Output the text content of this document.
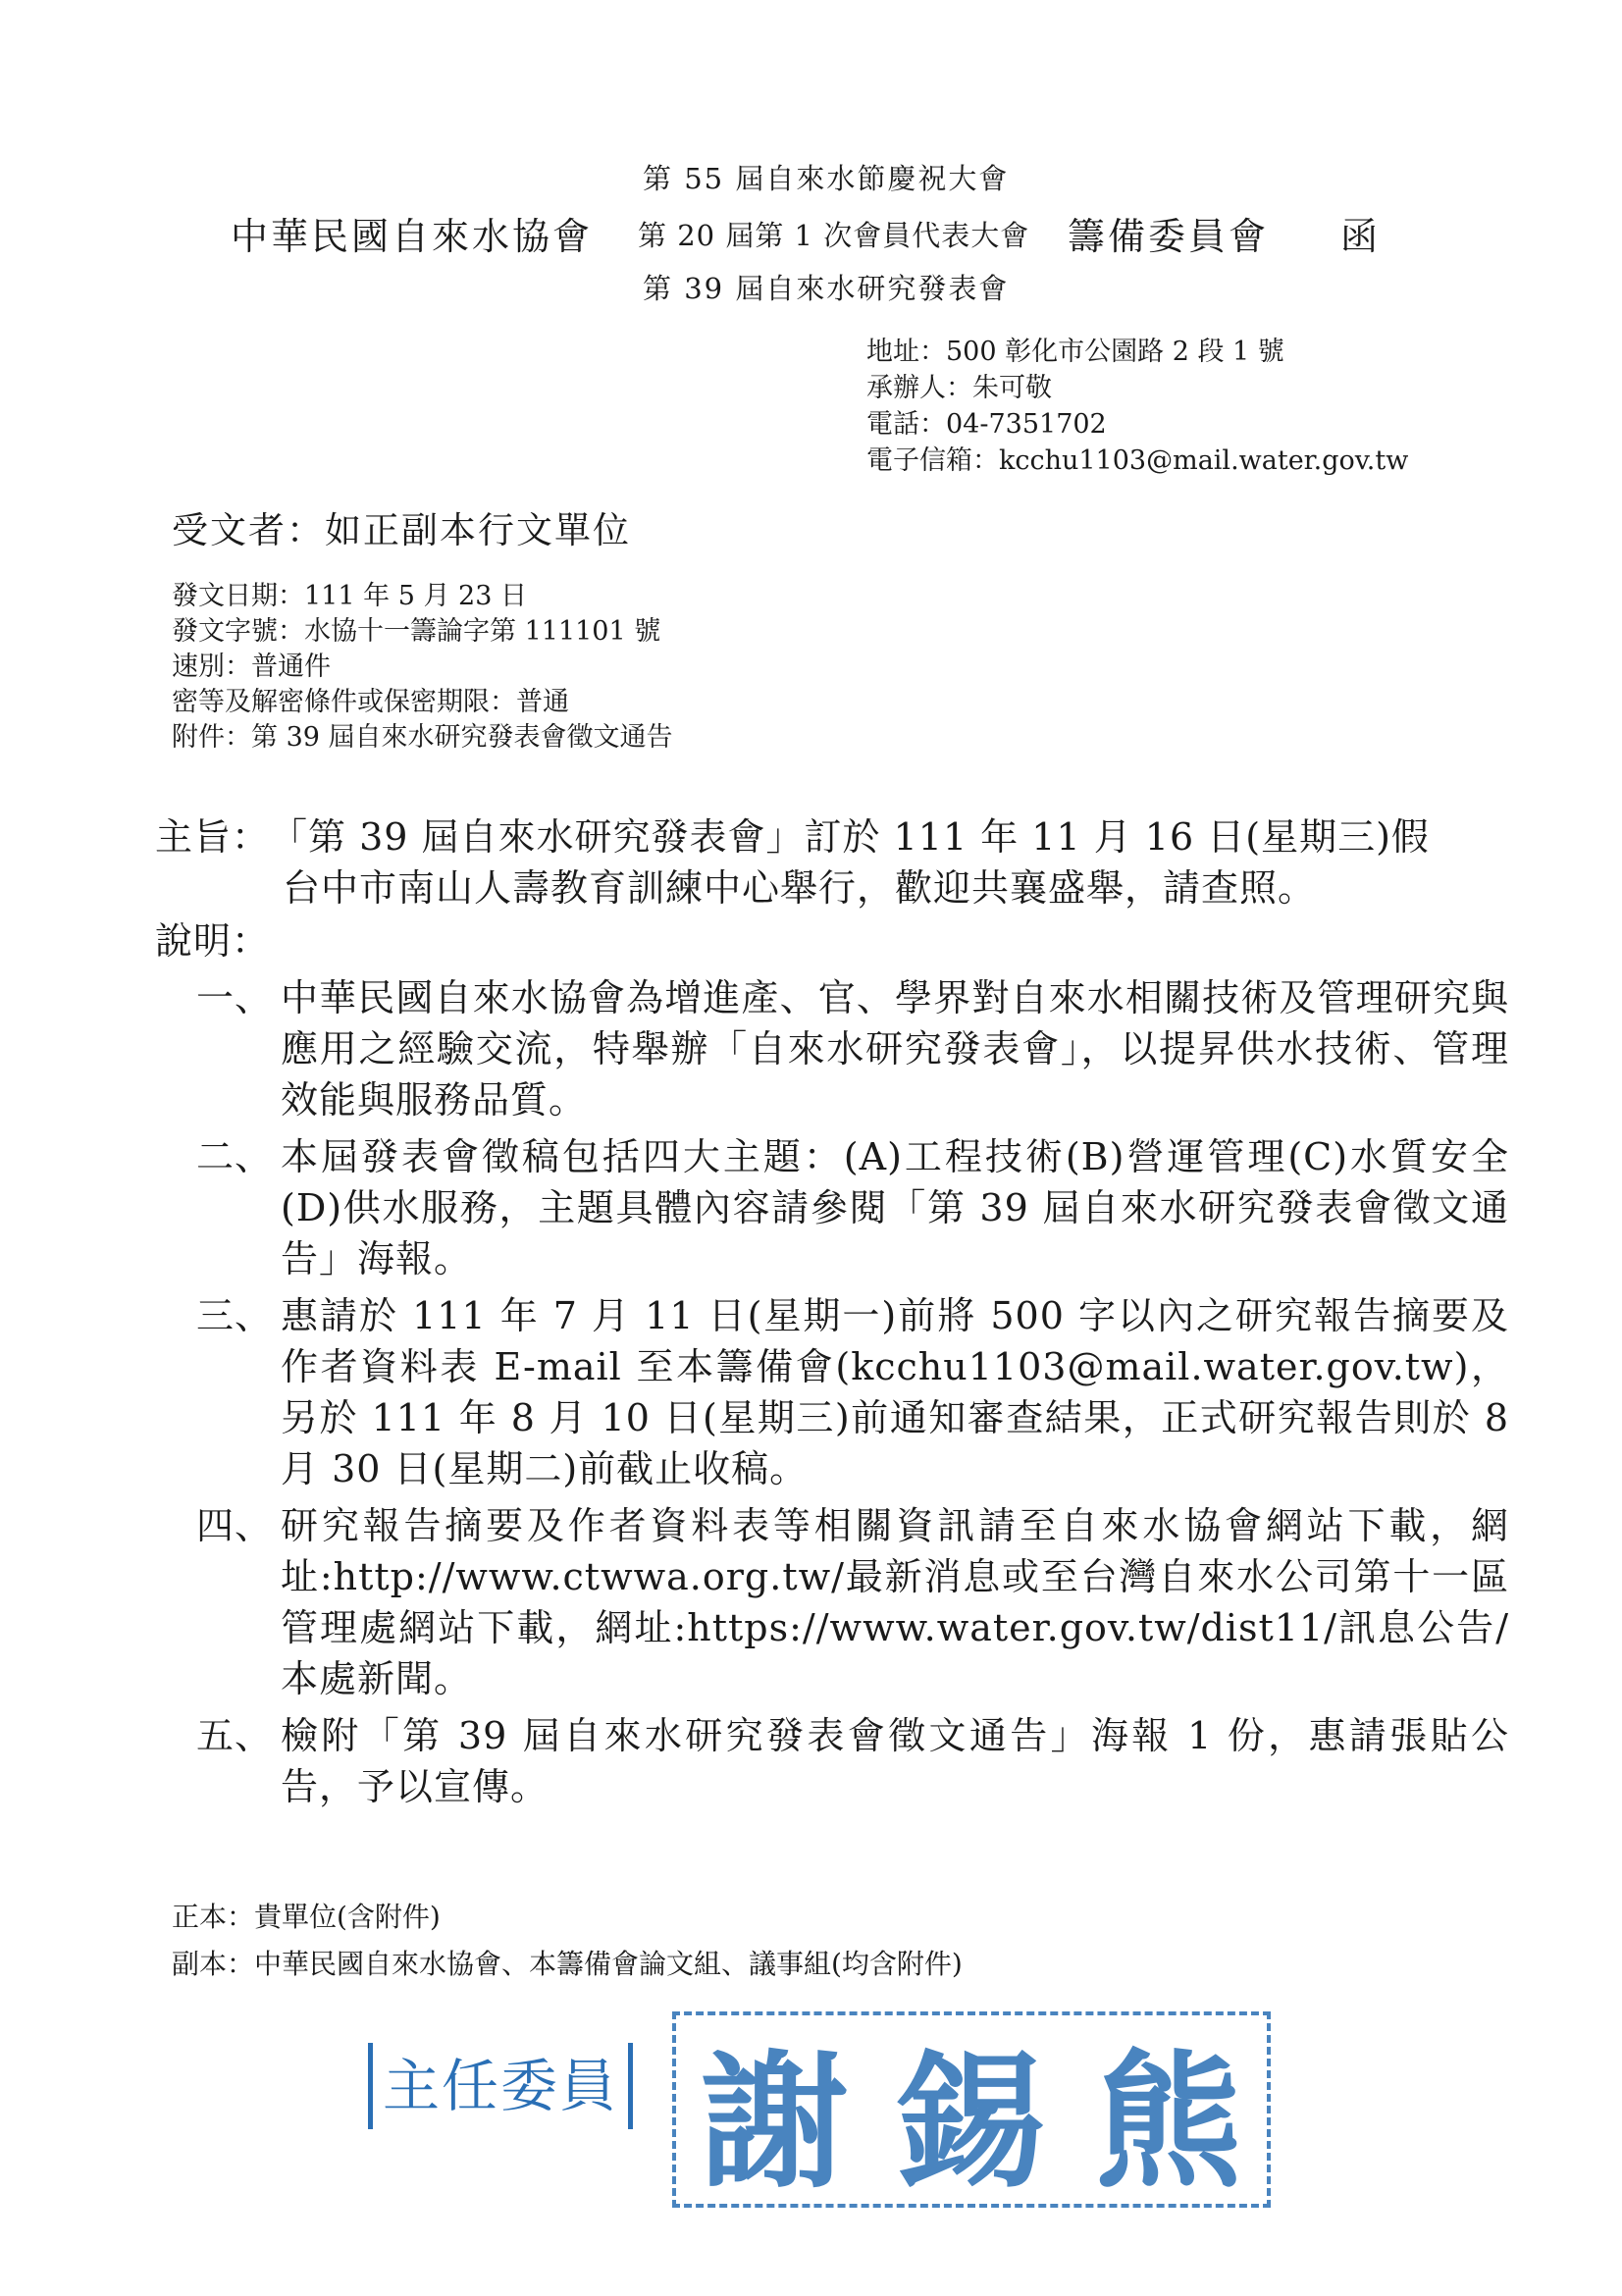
第 55 屆自來水節慶祝大會
中華民國自來水協會 第 20 屆第 1 次會員代表大會 籌備委員會 函
第 39 屆自來水研究發表會
地址：500 彰化市公園路 2 段 1 號
承辦人：朱可敬
電話：04-7351702
電子信箱：kcchu1103@mail.water.gov.tw
受文者：如正副本行文單位
發文日期：111 年 5 月 23 日
發文字號：水協十一籌論字第 111101 號
速別：普通件
密等及解密條件或保密期限：普通
附件：第 39 屆自來水研究發表會徵文通告
主旨： 「第 39 屆自來水研究發表會」訂於 111 年 11 月 16 日(星期三)假
台中市南山人壽教育訓練中心舉行，歡迎共襄盛舉，請查照。
說明：
一、 中華民國自來水協會為增進產、官、學界對自來水相關技術及管理研究與應用之經驗交流，特舉辦「自來水研究發表會」，以提昇供水技術、管理效能與服務品質。
二、 本屆發表會徵稿包括四大主題：(A)工程技術(B)營運管理(C)水質安全(D)供水服務，主題具體內容請參閱「第 39 屆自來水研究發表會徵文通告」海報。
三、 惠請於 111 年 7 月 11 日(星期一)前將 500 字以內之研究報告摘要及作者資料表 E-mail 至本籌備會(kcchu1103@mail.water.gov.tw)，另於 111 年 8 月 10 日(星期三)前通知審查結果，正式研究報告則於 8 月 30 日(星期二)前截止收稿。
四、 研究報告摘要及作者資料表等相關資訊請至自來水協會網站下載，網址:http://www.ctwwa.org.tw/最新消息或至台灣自來水公司第十一區管理處網站下載，網址:https://www.water.gov.tw/dist11/訊息公告/本處新聞。
五、 檢附「第 39 屆自來水研究發表會徵文通告」海報 1 份，惠請張貼公告，予以宣傳。
正本：貴單位(含附件)
副本：中華民國自來水協會、本籌備會論文組、議事組(均含附件)
主任委員 謝 錫 熊
